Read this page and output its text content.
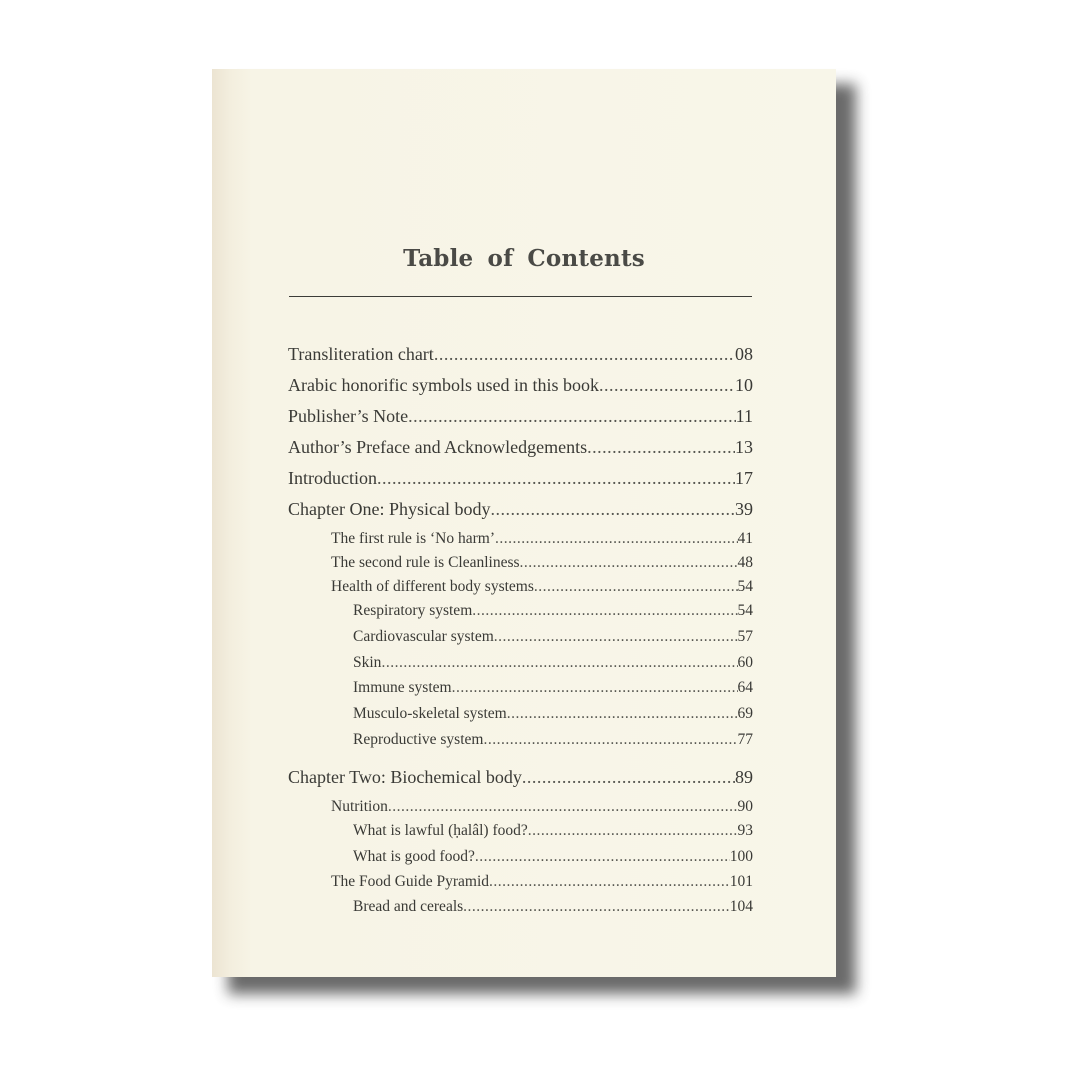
Table of Contents
Transliteration chart .....	08
Arabic honorific symbols used in this book .....	10
Publisher’s Note .....	11
Author’s Preface and Acknowledgements .....	13
Introduction .....	17
Chapter One: Physical body .....	39
The first rule is ‘No harm’ .....	41
The second rule is Cleanliness .....	48
Health of different body systems .....	54
Respiratory system .....	54
Cardiovascular system .....	57
Skin .....	60
Immune system .....	64
Musculo-skeletal system .....	69
Reproductive system .....	77
Chapter Two: Biochemical body .....	89
Nutrition .....	90
What is lawful (ḥalâl) food? .....	93
What is good food? .....	100
The Food Guide Pyramid .....	101
Bread and cereals .....	104
